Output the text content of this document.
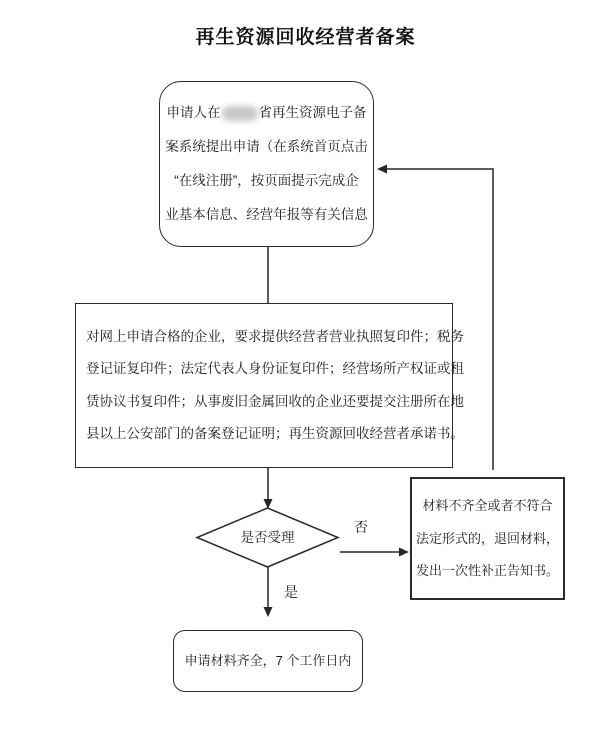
再生资源回收经营者备案
申请人在	省再生资源电子备
案系统提出申请（在系统首页点击
“在线注册”，按页面提示完成企
业基本信息、经营年报等有关信息
对网上申请合格的企业，要求提供经营者营业执照复印件；税务
登记证复印件；法定代表人身份证复印件；经营场所产权证或租
赁协议书复印件；从事废旧金属回收的企业还要提交注册所在地
县以上公安部门的备案登记证明；再生资源回收经营者承诺书。
是否受理
否
是
材料不齐全或者不符合
法定形式的，退回材料，
发出一次性补正告知书。
申请材料齐全，7 个工作日内
